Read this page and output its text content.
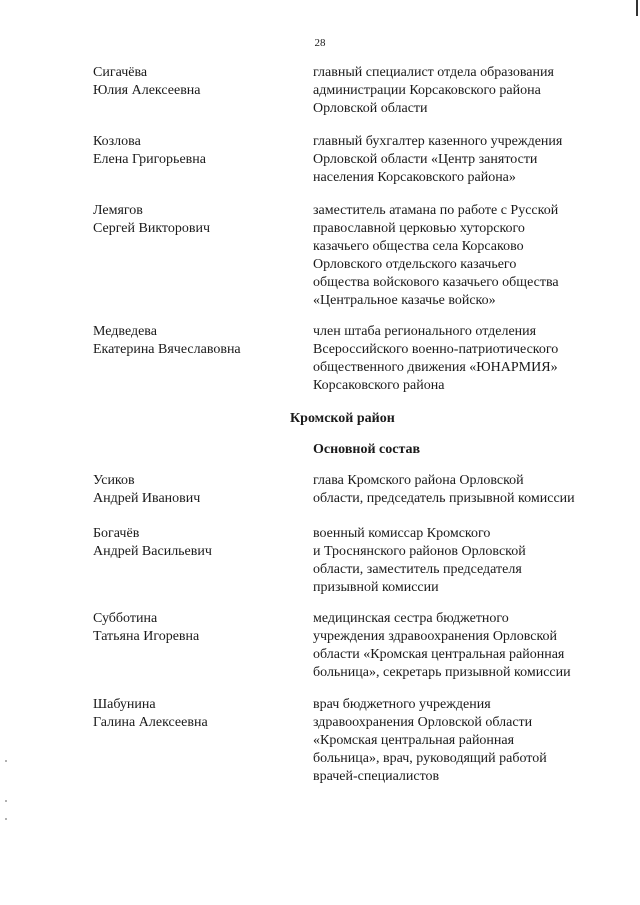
28
Сигачёва
Юлия Алексеевна
главный специалист отдела образования
администрации Корсаковского района
Орловской области
Козлова
Елена Григорьевна
главный бухгалтер казенного учреждения
Орловской области «Центр занятости
населения Корсаковского района»
Лемягов
Сергей Викторович
заместитель атамана по работе с Русской
православной церковью хуторского
казачьего общества села Корсаково
Орловского отдельского казачьего
общества войскового казачьего общества
«Центральное казачье войско»
Медведева
Екатерина Вячеславовна
член штаба регионального отделения
Всероссийского военно-патриотического
общественного движения «ЮНАРМИЯ»
Корсаковского района
Кромской район
Основной состав
Усиков
Андрей Иванович
глава Кромского района Орловской
области, председатель призывной комиссии
Богачёв
Андрей Васильевич
военный комиссар Кромского
и Троснянского районов Орловской
области, заместитель председателя
призывной комиссии
Субботина
Татьяна Игоревна
медицинская сестра бюджетного
учреждения здравоохранения Орловской
области «Кромская центральная районная
больница», секретарь призывной комиссии
Шабунина
Галина Алексеевна
врач бюджетного учреждения
здравоохранения Орловской области
«Кромская центральная районная
больница», врач, руководящий работой
врачей-специалистов
